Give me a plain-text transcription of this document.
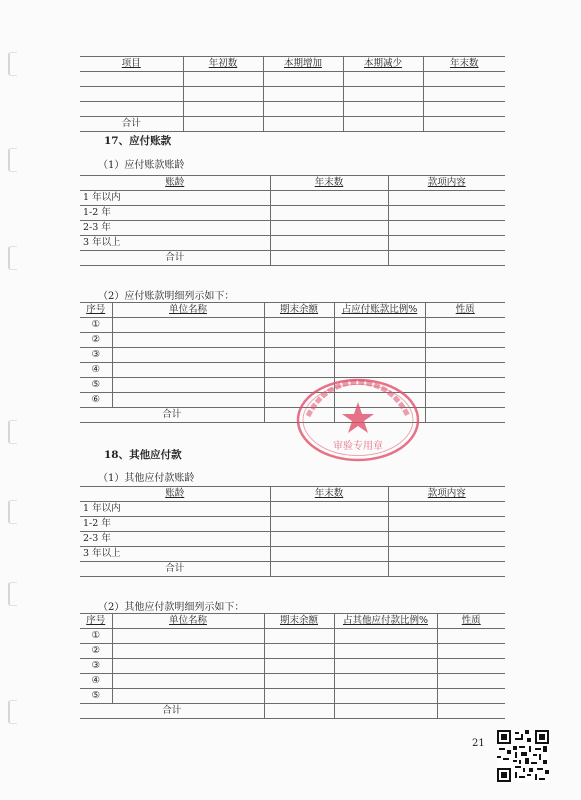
项目	年初数	本期增加	本期减少	年末数

合计				
17、应付账款
（1）应付账款账龄
账龄	年末数	款项内容
1 年以内		
1-2 年		
2-3 年		
3 年以上		
合计		
（2）应付账款明细列示如下：
序号	单位名称	期末余额	占应付账款比例%	性质
①				
②				
③				
④				
⑤				
⑥				
合计				
18、其他应付款
（1）其他应付款账龄
账龄	年末数	款项内容
1 年以内		
1-2 年		
2-3 年		
3 年以上		
合计		
（2）其他应付款明细列示如下：
序号	单位名称	期末余额	占其他应付款比例%	性质
①				
②				
③				
④				
⑤				
合计				
审验专用章
21
